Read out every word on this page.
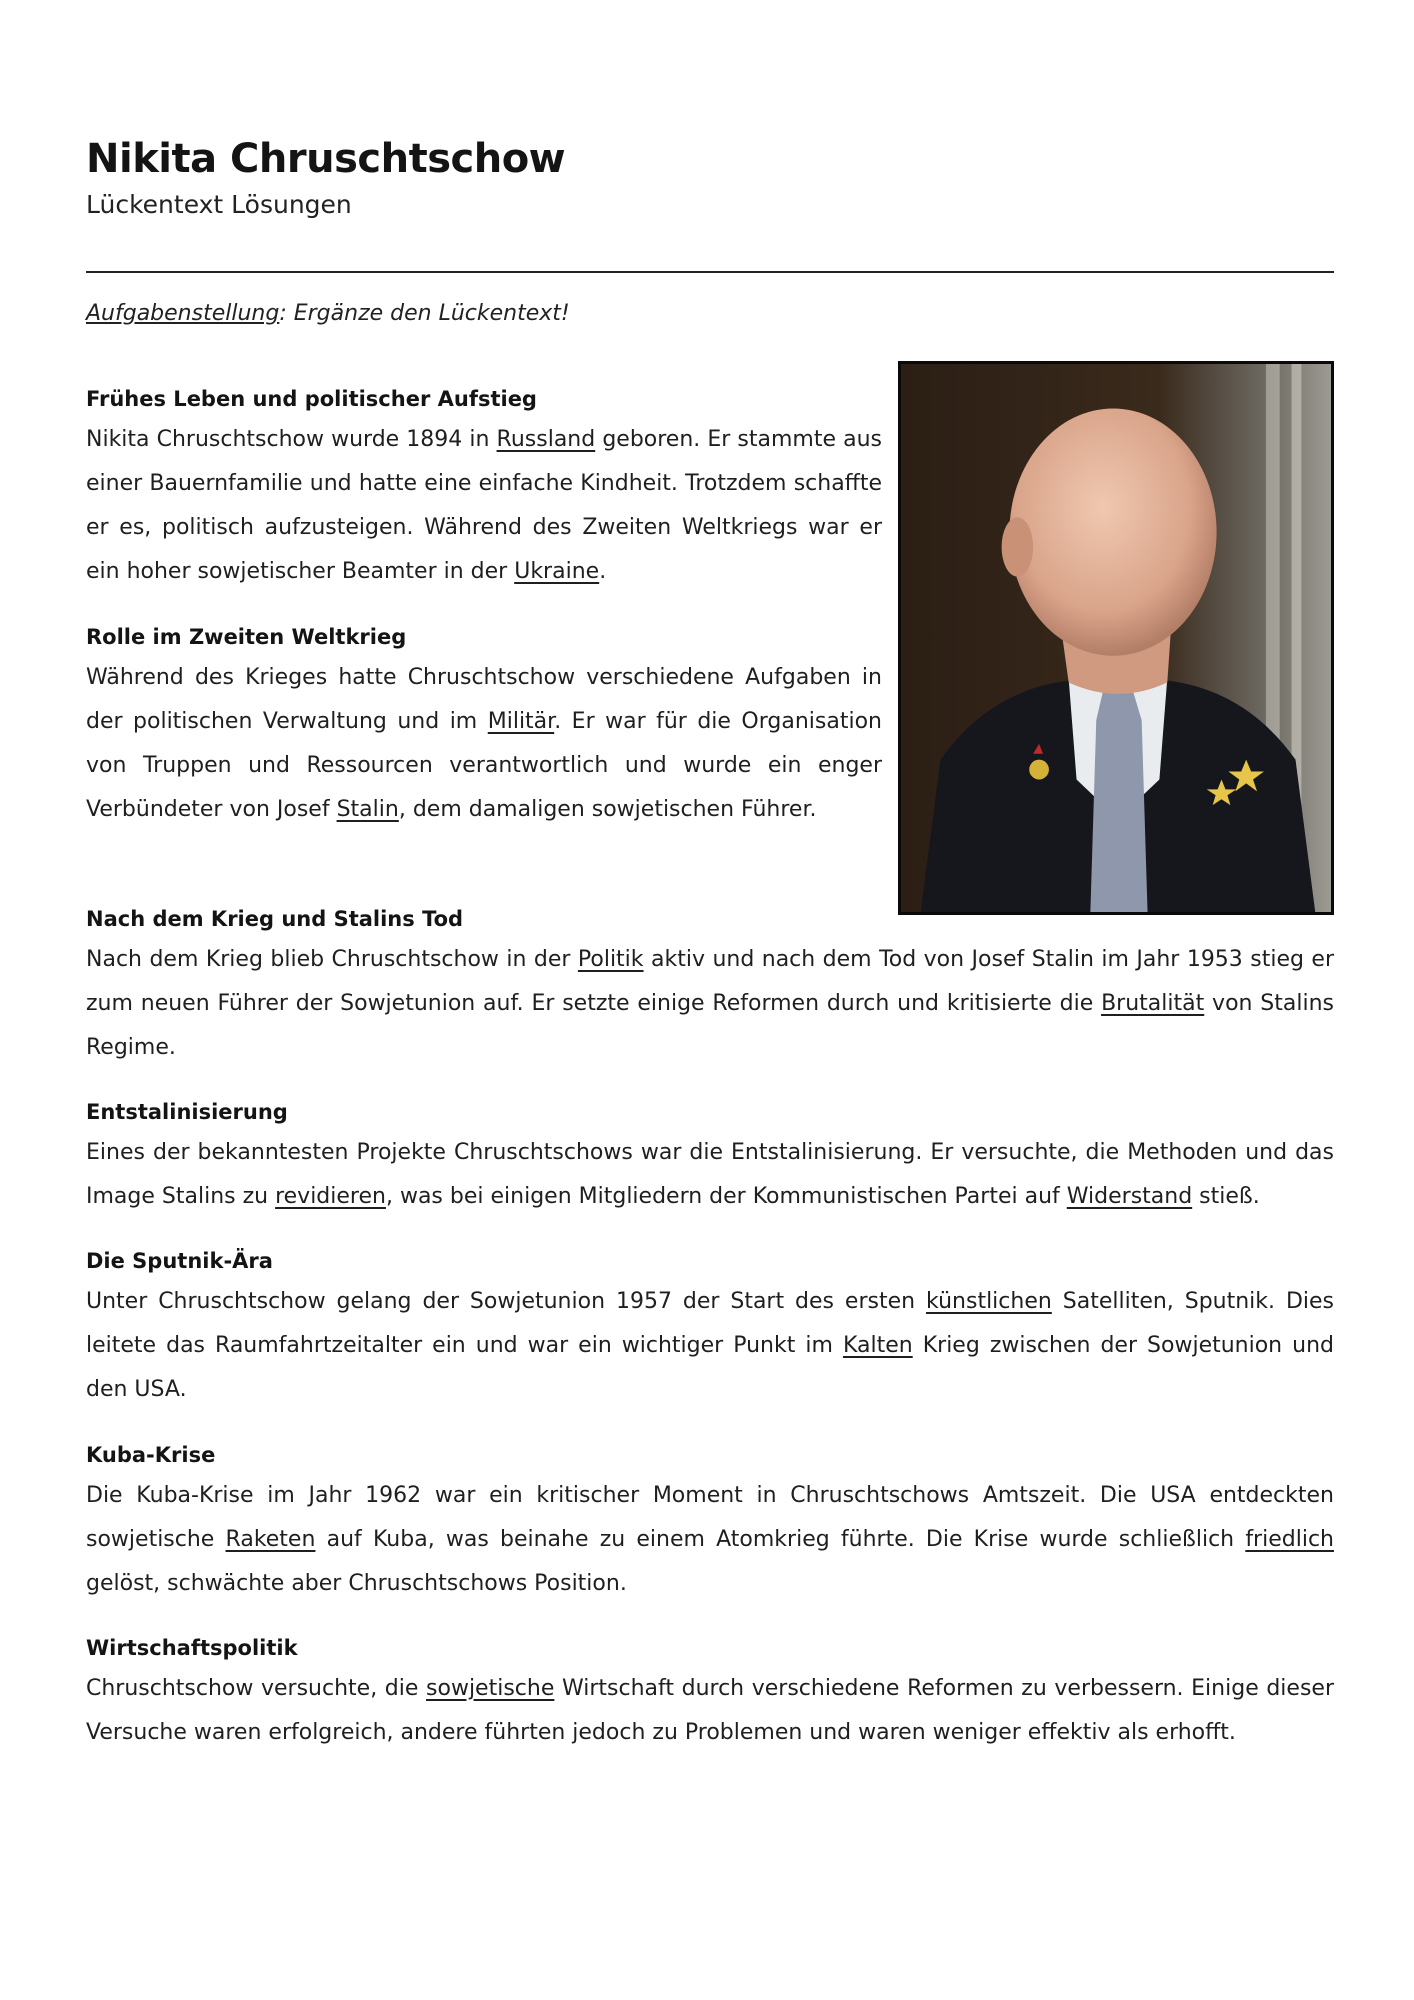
Nikita Chruschtschow
Lückentext Lösungen
Aufgabenstellung: Ergänze den Lückentext!
Frühes Leben und politischer Aufstieg

Nikita Chruschtschow wurde 1894 in Russland geboren. Er stammte aus einer Bauernfamilie und hatte eine einfache Kindheit. Trotzdem schaffte er es, politisch aufzusteigen. Während des Zweiten Weltkriegs war er ein hoher sowjetischer Beamter in der Ukraine.

Rolle im Zweiten Weltkrieg

Während des Krieges hatte Chruschtschow verschiedene Aufgaben in der politischen Verwaltung und im Militär. Er war für die Organisation von Truppen und Ressourcen verantwortlich und wurde ein enger Verbündeter von Josef Stalin, dem damaligen sowjetischen Führer.

Nach dem Krieg und Stalins Tod

Nach dem Krieg blieb Chruschtschow in der Politik aktiv und nach dem Tod von Josef Stalin im Jahr 1953 stieg er zum neuen Führer der Sowjetunion auf. Er setzte einige Reformen durch und kritisierte die Brutalität von Stalins Regime.

Entstalinisierung

Eines der bekanntesten Projekte Chruschtschows war die Entstalinisierung. Er versuchte, die Methoden und das Image Stalins zu revidieren, was bei einigen Mitgliedern der Kommunistischen Partei auf Widerstand stieß.

Die Sputnik-Ära

Unter Chruschtschow gelang der Sowjetunion 1957 der Start des ersten künstlichen Satelliten, Sputnik. Dies leitete das Raumfahrtzeitalter ein und war ein wichtiger Punkt im Kalten Krieg zwischen der Sowjetunion und den USA.

Kuba-Krise

Die Kuba-Krise im Jahr 1962 war ein kritischer Moment in Chruschtschows Amtszeit. Die USA entdeckten sowjetische Raketen auf Kuba, was beinahe zu einem Atomkrieg führte. Die Krise wurde schließlich friedlich gelöst, schwächte aber Chruschtschows Position.

Wirtschaftspolitik

Chruschtschow versuchte, die sowjetische Wirtschaft durch verschiedene Reformen zu verbessern. Einige dieser Versuche waren erfolgreich, andere führten jedoch zu Problemen und waren weniger effektiv als erhofft.
